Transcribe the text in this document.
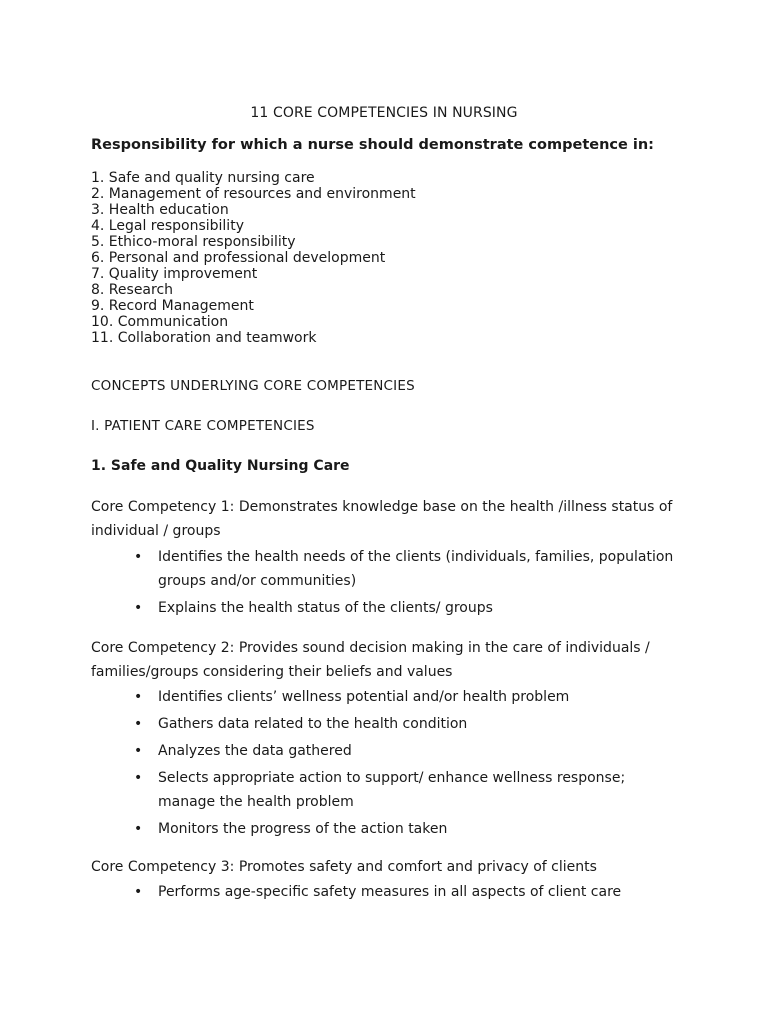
11 CORE COMPETENCIES IN NURSING
Responsibility for which a nurse should demonstrate competence in:
1. Safe and quality nursing care
2. Management of resources and environment
3. Health education
4. Legal responsibility
5. Ethico-moral responsibility
6. Personal and professional development
7. Quality improvement
8. Research
9. Record Management
10. Communication
11. Collaboration and teamwork
CONCEPTS UNDERLYING CORE COMPETENCIES
I. PATIENT CARE COMPETENCIES
1. Safe and Quality Nursing Care
Core Competency 1: Demonstrates knowledge base on the health /illness status of individual / groups
• Identifies the health needs of the clients (individuals, families, population groups and/or communities)
• Explains the health status of the clients/ groups
Core Competency 2: Provides sound decision making in the care of individuals / families/groups considering their beliefs and values
• Identifies clients’ wellness potential and/or health problem
• Gathers data related to the health condition
• Analyzes the data gathered
• Selects appropriate action to support/ enhance wellness response; manage the health problem
• Monitors the progress of the action taken
Core Competency 3: Promotes safety and comfort and privacy of clients
• Performs age-specific safety measures in all aspects of client care
